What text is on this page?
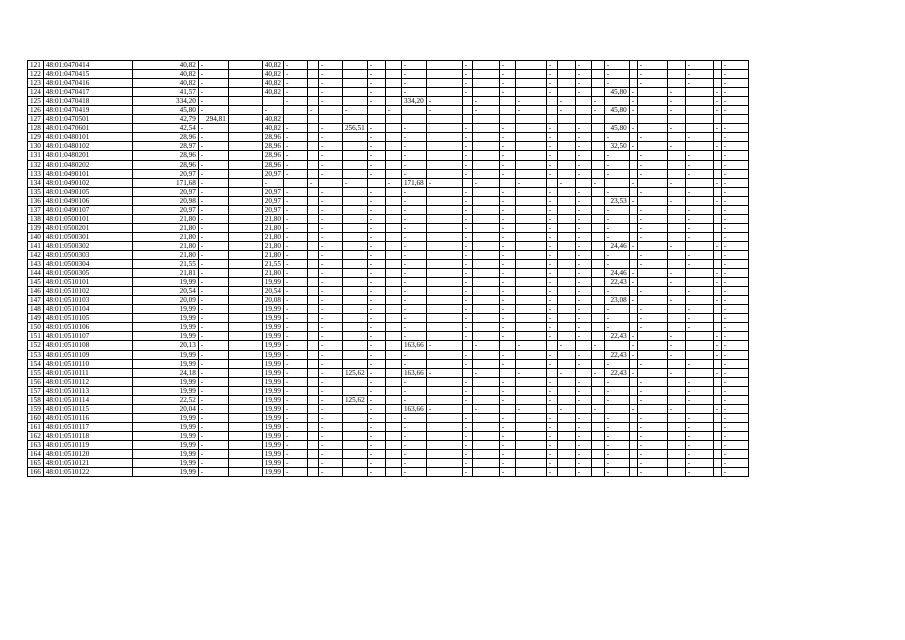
121	48:01:0470414	40,82	-		40,82	-		-		-		-		-		-		-		-		-		-		-		-
122	48:01:0470415	40,82	-		40,82	-		-		-		-		-		-		-		-		-		-		-		-
123	48:01:0470416	40,82	-		40,82	-		-		-		-		-		-		-		-		-		-		-		-
124	48:01:0470417	41,57	-		40,82	-		-		-		-		-		-		-		-		45,80	-		-		-	-
125	48:01:0470418	334,20	-			-		-		-		334,20	-		-		-		-		-		-		-		-	-
126	48:01:0470419	45,80	-		-		-		-		-		-		-		-		-		-	45,80	-		-		-	-
127	48:01:0470501	42,79	294,81		40,82																							
128	48:01:0470601	42,54	-		40,82	-		-	256,51	-		-		-		-		-		-		45,80	-		-		-	-
129	48:01:0480101	28,96	-		28,96	-		-		-		-		-		-		-		-		-		-		-		-
130	48:01:0480102	28,97	-		28,96	-		-		-		-		-		-		-		-		32,50	-		-		-	-
131	48:01:0480201	28,96	-		28,96	-		-		-		-		-		-		-		-		-		-		-		-
132	48:01:0480202	28,96	-		28,96	-		-		-		-		-		-		-		-		-		-		-		-
133	48:01:0490101	20,97	-		20,97	-		-		-		-		-		-		-		-		-		-		-		-
134	48:01:0490102	171,68	-		-		-		-		-	171,68	-		-		-		-		-		-		-		-	-
135	48:01:0490105	20,97	-		20,97	-		-		-		-		-		-		-		-		-		-		-		-
136	48:01:0490106	20,98	-		20,97	-		-		-		-		-		-		-		-		23,53	-		-		-	-
137	48:01:0490107	20,97	-		20,97	-		-		-		-		-		-		-		-		-		-		-		-
138	48:01:0500101	21,80	-		21,80	-		-		-		-		-		-		-		-		-		-		-		-
139	48:01:0500201	21,80	-		21,80	-		-		-		-		-		-		-		-		-		-		-		-
140	48:01:0500301	21,80	-		21,80	-		-		-		-		-		-		-		-		-		-		-		-
141	48:01:0500302	21,80	-		21,80	-		-		-		-		-		-		-		-		24,46	-		-		-	-
142	48:01:0500303	21,80	-		21,80	-		-		-		-		-		-		-		-		-		-		-		-
143	48:01:0500304	21,55	-		21,55	-		-		-		-		-		-		-		-		-		-		-		-
144	48:01:0500305	21,81	-		21,80	-		-		-		-		-		-		-		-		24,46	-		-		-	-
145	48:01:0510101	19,99	-		19,99	-		-		-		-		-		-		-		-		22,43	-		-		-	-
146	48:01:0510102	20,54	-		20,54	-		-		-		-		-		-		-		-		-		-		-		-
147	48:01:0510103	20,09	-		20,08	-		-		-		-		-		-		-		-		23,08	-		-		-	-
148	48:01:0510104	19,99	-		19,99	-		-		-		-		-		-		-		-		-		-		-		-
149	48:01:0510105	19,99	-		19,99	-		-		-		-		-		-		-		-		-		-		-		-
150	48:01:0510106	19,99	-		19,99	-		-		-		-		-		-		-		-		-		-		-		-
151	48:01:0510107	19,99	-		19,99	-		-		-		-		-		-		-		-		22,43	-		-		-	-
152	48:01:0510108	20,13	-		19,99	-		-		-		163,66	-		-		-		-		-		-		-		-	-
153	48:01:0510109	19,99	-		19,99	-		-		-		-		-		-		-		-		22,43	-		-		-	-
154	48:01:0510110	19,99	-		19,99	-		-		-		-		-		-		-		-		-		-		-		-
155	48:01:0510111	24,18	-		19,99	-		-	125,62	-		163,66	-		-		-		-		-	22,43	-		-		-	-
156	48:01:0510112	19,99	-		19,99	-		-		-		-		-		-		-		-		-		-		-		-
157	48:01:0510113	19,99	-		19,99	-		-		-		-		-		-		-		-		-		-		-		-
158	48:01:0510114	22,52	-		19,99	-		-	125,62	-		-		-		-		-		-		-		-		-		-
159	48:01:0510115	20,04	-		19,99	-		-		-		163,66	-		-		-		-		-		-		-		-	-
160	48:01:0510116	19,99	-		19,99	-		-		-		-		-		-		-		-		-		-		-		-
161	48:01:0510117	19,99	-		19,99	-		-		-		-		-		-		-		-		-		-		-		-
162	48:01:0510118	19,99	-		19,99	-		-		-		-		-		-		-		-		-		-		-		-
163	48:01:0510119	19,99	-		19,99	-		-		-		-		-		-		-		-		-		-		-		-
164	48:01:0510120	19,99	-		19,99	-		-		-		-		-		-		-		-		-		-		-		-
165	48:01:0510121	19,99	-		19,99	-		-		-		-		-		-		-		-		-		-		-		-
166	48:01:0510122	19,99	-		19,99	-		-		-		-		-		-		-		-		-		-		-		-
